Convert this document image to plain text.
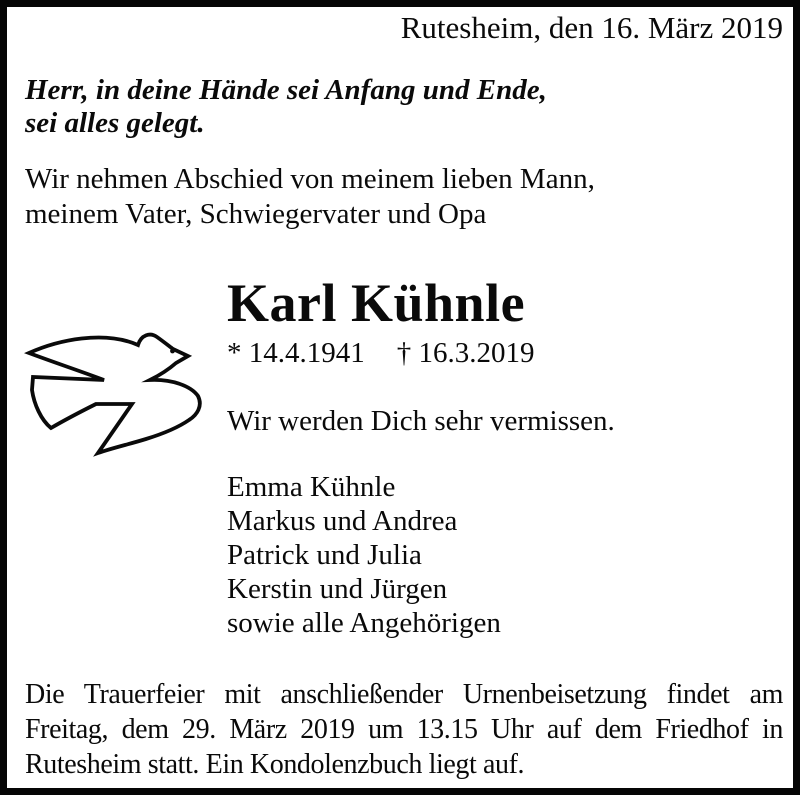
Rutesheim, den 16. März 2019
Herr, in deine Hände sei Anfang und Ende,
sei alles gelegt.
Wir nehmen Abschied von meinem lieben Mann,
meinem Vater, Schwiegervater und Opa
Karl Kühnle
* 14.4.1941 † 16.3.2019
Wir werden Dich sehr vermissen.
Emma Kühnle
Markus und Andrea
Patrick und Julia
Kerstin und Jürgen
sowie alle Angehörigen
Die Trauerfeier mit anschließender Urnenbeisetzung findet am
Freitag, dem 29. März 2019 um 13.15 Uhr auf dem Friedhof in
Rutesheim statt. Ein Kondolenzbuch liegt auf.
